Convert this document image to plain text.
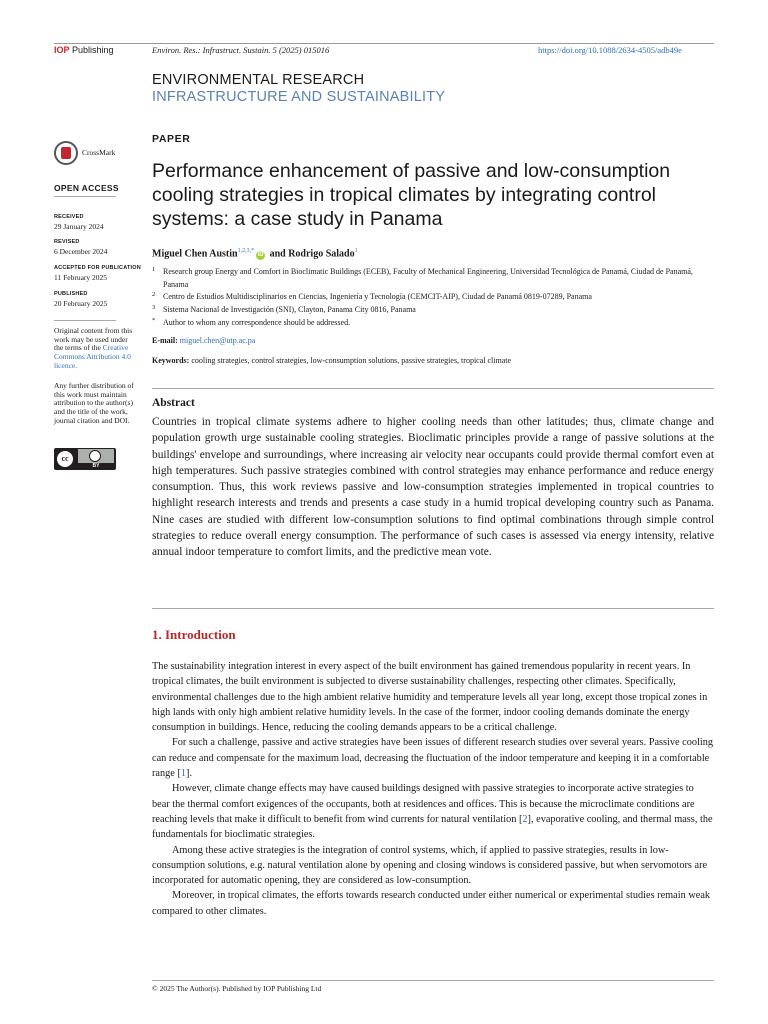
IOP Publishing	Environ. Res.: Infrastruct. Sustain. 5 (2025) 015016	https://doi.org/10.1088/2634-4505/adb49e
ENVIRONMENTAL RESEARCH
INFRASTRUCTURE AND SUSTAINABILITY
CrossMark
OPEN ACCESS
RECEIVED
29 January 2024
REVISED
6 December 2024
ACCEPTED FOR PUBLICATION
11 February 2025
PUBLISHED
20 February 2025
Original content from this work may be used under the terms of the Creative Commons Attribution 4.0 licence.
Any further distribution of this work must maintain attribution to the author(s) and the title of the work, journal citation and DOI.
cc
BY
PAPER
Performance enhancement of passive and low-consumption cooling strategies in tropical climates by integrating control systems: a case study in Panama
Miguel Chen Austin$^{1,2,3,*}$iD and Rodrigo Salado$^1$
1 Research group Energy and Comfort in Bioclimatic Buildings (ECEB), Faculty of Mechanical Engineering, Universidad Tecnológica de Panamá, Ciudad de Panamá, Panama
2 Centro de Estudios Multidisciplinarios en Ciencias, Ingeniería y Tecnología (CEMCIT-AIP), Ciudad de Panamá 0819-07289, Panama
3 Sistema Nacional de Investigación (SNI), Clayton, Panama City 0816, Panama
* Author to whom any correspondence should be addressed.
E-mail: miguel.chen@utp.ac.pa
Keywords: cooling strategies, control strategies, low-consumption solutions, passive strategies, tropical climate
Abstract
Countries in tropical climate systems adhere to higher cooling needs than other latitudes; thus, climate change and population growth urge sustainable cooling strategies. Bioclimatic principles provide a range of passive solutions at the buildings' envelope and surroundings, where increasing air velocity near occupants could provide thermal comfort even at high temperatures. Such passive strategies combined with control strategies may enhance performance and reduce energy consumption. Thus, this work reviews passive and low-consumption strategies implemented in tropical countries to highlight research interests and trends and presents a case study in a humid tropical developing country such as Panama. Nine cases are studied with different low-consumption solutions to find optimal combinations through simple control strategies to reduce overall energy consumption. The performance of such cases is assessed via energy intensity, relative annual indoor temperature to comfort limits, and the predictive mean vote.
1. Introduction

The sustainability integration interest in every aspect of the built environment has gained tremendous popularity in recent years. In tropical climates, the built environment is subjected to diverse sustainability challenges, respecting other climates. Specifically, environmental challenges due to the high ambient relative humidity and temperature levels all year long, except those tropical zones in high lands with only high ambient relative humidity levels. In the case of the former, indoor cooling demands dominate the energy consumption in buildings. Hence, reducing the cooling demands appears to be a critical challenge.

For such a challenge, passive and active strategies have been issues of different research studies over several years. Passive cooling can reduce and compensate for the maximum load, decreasing the fluctuation of the indoor temperature and keeping it in a comfortable range [1].

However, climate change effects may have caused buildings designed with passive strategies to incorporate active strategies to bear the thermal comfort exigences of the occupants, both at residences and offices. This is because the microclimate conditions are reaching levels that make it difficult to benefit from wind currents for natural ventilation [2], evaporative cooling, and thermal mass, the fundamentals for bioclimatic strategies.

Among these active strategies is the integration of control systems, which, if applied to passive strategies, results in low-consumption solutions, e.g. natural ventilation alone by opening and closing windows is considered passive, but when servomotors are incorporated for automatic opening, they are considered as low-consumption.

Moreover, in tropical climates, the efforts towards research conducted under either numerical or experimental studies remain weak compared to other climates.

© 2025 The Author(s). Published by IOP Publishing Ltd
